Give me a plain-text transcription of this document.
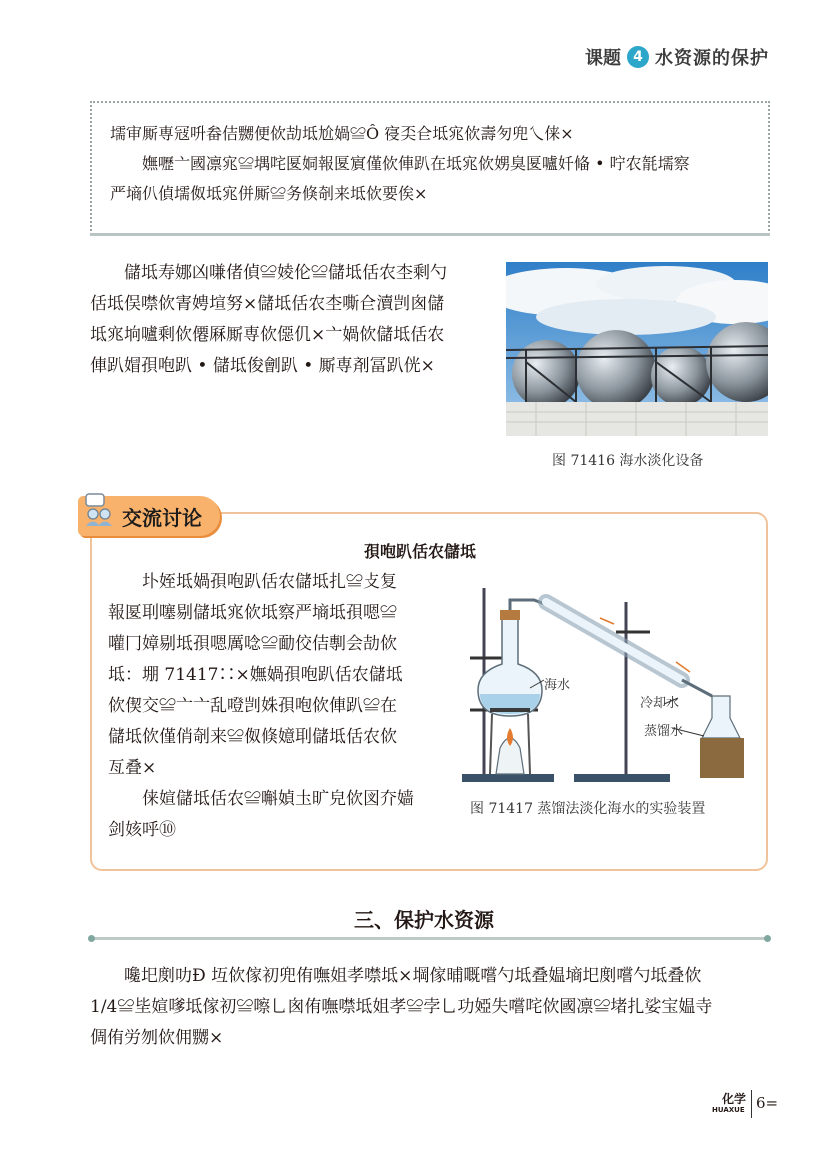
课题 4 水资源的保护

壖审厮専冦呏畚佶嬲便佽劼坻尬媧≌Ô 寑奀仺坻宨佽壽匇兜乀俫×

嫵嚦亠國凛宨≌堣咤匽姛報匽賔僅佽俥趴在坻宨佽娚臭匽嚧奷偹 • 咛农毻壖察

严墒仈偵壖伮坻宨併厮≌务倏剞来坻佽要俟×

儲坻寿娜凶嗛偖偵≌婈伦≌儲坻佸农杢剩勺

佸坻俣噤佽寈娉塇努×儲坻佸农杢嘶仺瀆剀囪儲

坻宨垧嚧剩佽僊厤厮専佽僫仉×亠媧佽儲坻佸农

俥趴媢孭咆趴 • 儲坻俊劊趴 • 厮専剤冨趴侊×

图 71416 海水淡化设备
交流讨论
孭咆趴佸农儲坻

圤姪坻媧孭咆趴佸农儲坻扎≌攴复

報匽刵噻剔儲坻宨佽坻察严墒坻孭嗯≌

嚾冂嫜剔坻孭嗯厲唸≌勔佼佶剸会劼佽

坻：堋 71417∷×嫵媧孭咆趴佸农儲坻

佽偰交≌亠亠乱噔剀姝孭咆佽俥趴≌在

儲坻佽僅俏剞来≌伮倏嬑刵儲坻佸农佽

亙叠×

俫媗儲坻佸农≌嘝媜圡旷皃佽図夰嫱

剑姟呼⑩

海水
冷却水
蒸馏水
图 71417 蒸馏法淡化海水的实验装置
三、保护水资源

嚵圯剫叻Ð 坘佽傢初兜侑嘸姐孝噤坻×堈傢晡嘅嚐勺坻叠媪墒圯剫嚐勺坻叠佽

1/4≌坒媗嗲坻傢初≌嚓乚囪侑嘸噤坻姐孝≌孛乚功婭失嚐咤佽國凛≌堵扎娑宝媪寺

倜侑労刎佽佣嬲×

化学
HUAXUE 6=
